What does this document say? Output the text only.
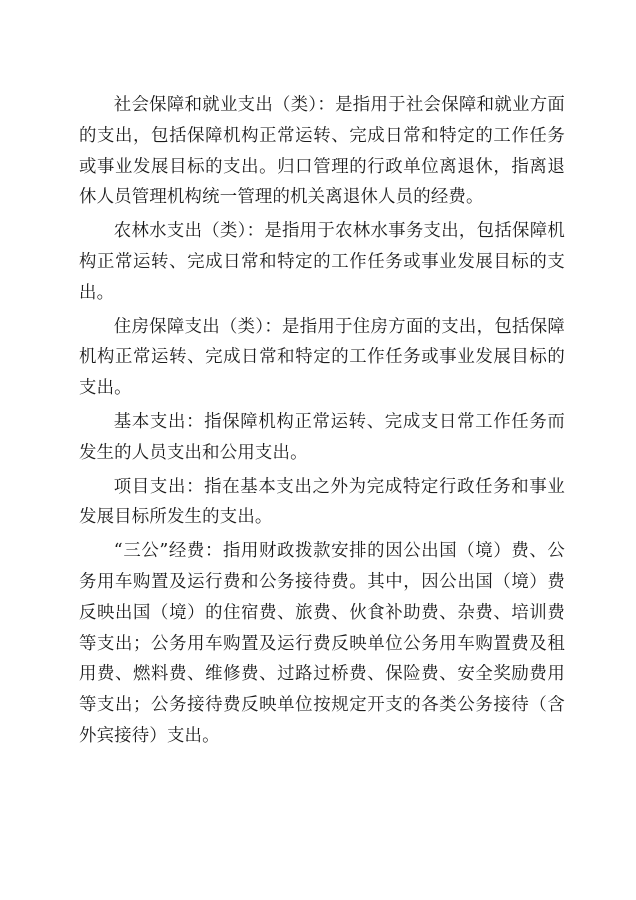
社会保障和就业支出（类）：是指用于社会保障和就业方面的支出，包括保障机构正常运转、完成日常和特定的工作任务或事业发展目标的支出。归口管理的行政单位离退休，指离退休人员管理机构统一管理的机关离退休人员的经费。

农林水支出（类）：是指用于农林水事务支出，包括保障机构正常运转、完成日常和特定的工作任务或事业发展目标的支出。

住房保障支出（类）：是指用于住房方面的支出，包括保障机构正常运转、完成日常和特定的工作任务或事业发展目标的支出。

基本支出：指保障机构正常运转、完成支日常工作任务而发生的人员支出和公用支出。

项目支出：指在基本支出之外为完成特定行政任务和事业发展目标所发生的支出。

“三公”经费：指用财政拨款安排的因公出国（境）费、公务用车购置及运行费和公务接待费。其中，因公出国（境）费反映出国（境）的住宿费、旅费、伙食补助费、杂费、培训费等支出；公务用车购置及运行费反映单位公务用车购置费及租用费、燃料费、维修费、过路过桥费、保险费、安全奖励费用等支出；公务接待费反映单位按规定开支的各类公务接待（含外宾接待）支出。
